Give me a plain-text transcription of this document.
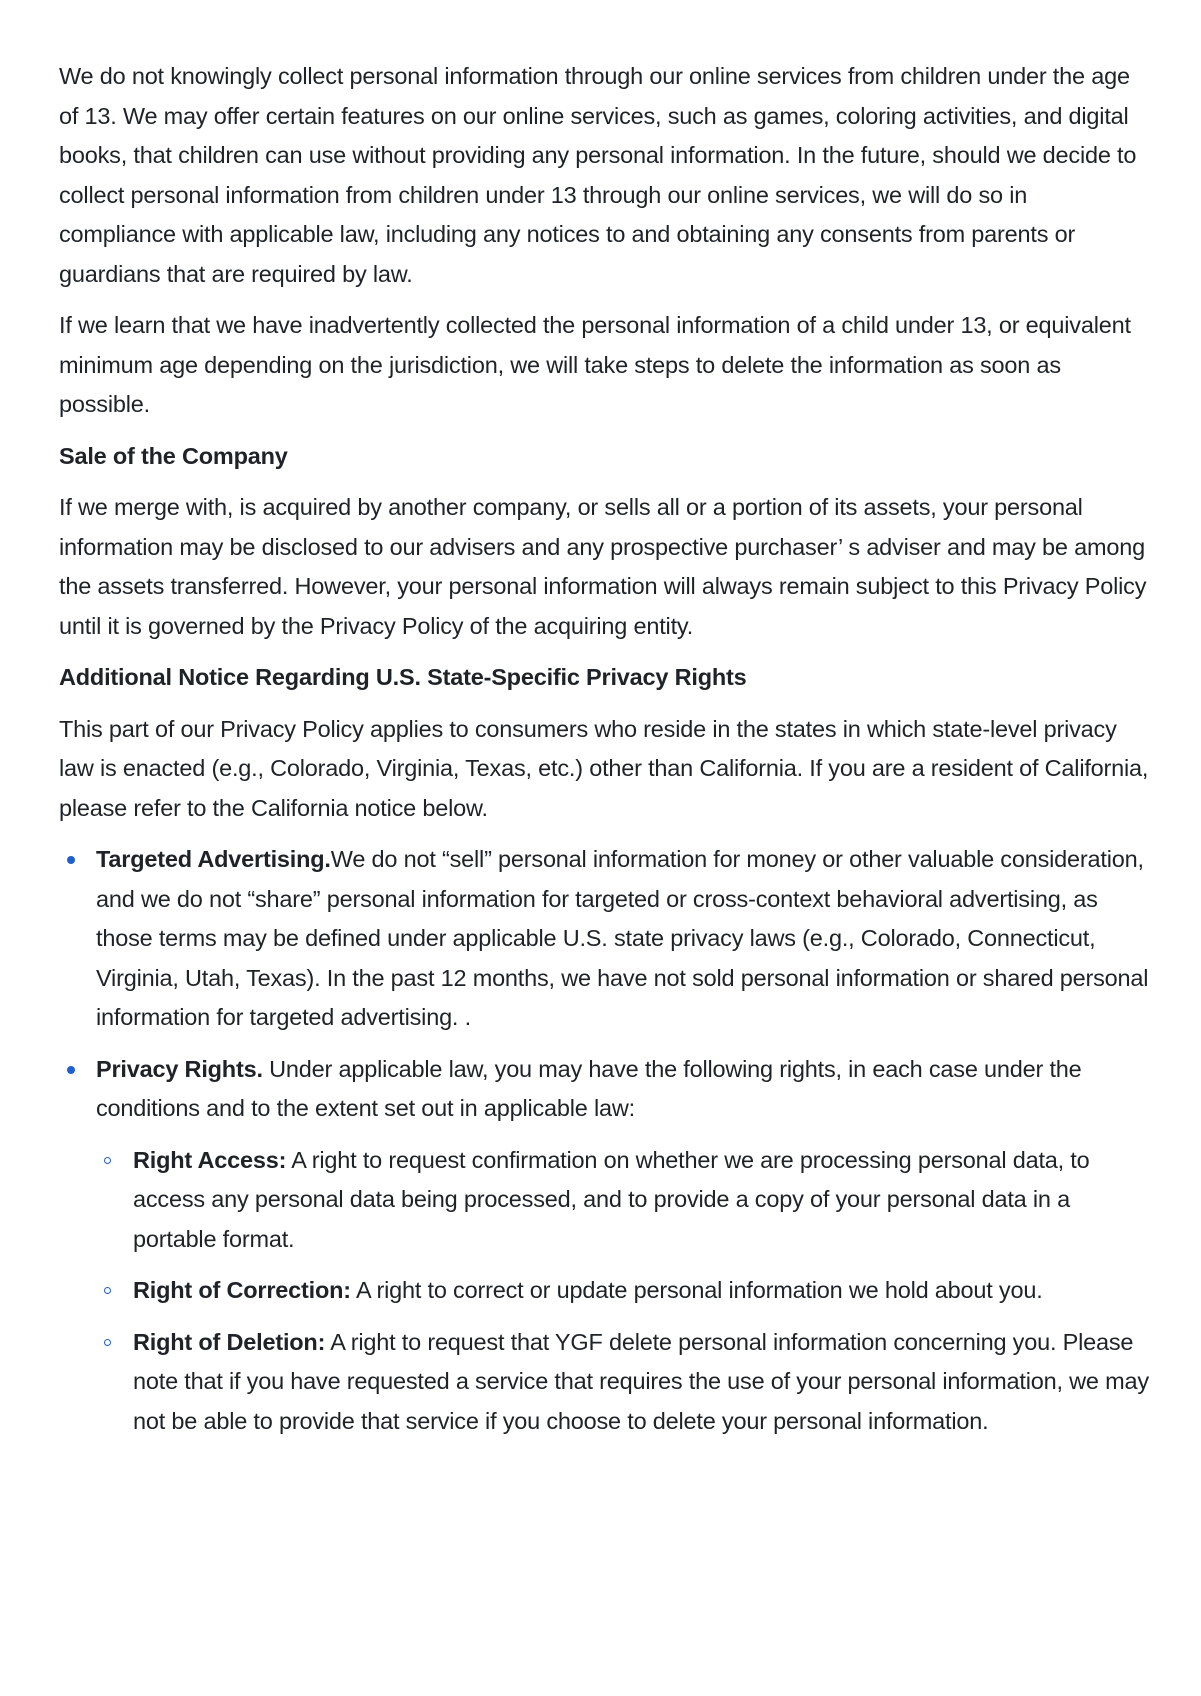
We do not knowingly collect personal information through our online services from children under the age of 13. We may offer certain features on our online services, such as games, coloring activities, and digital books, that children can use without providing any personal information. In the future, should we decide to collect personal information from children under 13 through our online services, we will do so in compliance with applicable law, including any notices to and obtaining any consents from parents or guardians that are required by law.

If we learn that we have inadvertently collected the personal information of a child under 13, or equivalent minimum age depending on the jurisdiction, we will take steps to delete the information as soon as possible.

Sale of the Company

If we merge with, is acquired by another company, or sells all or a portion of its assets, your personal information may be disclosed to our advisers and any prospective purchaser’ s adviser and may be among the assets transferred. However, your personal information will always remain subject to this Privacy Policy until it is governed by the Privacy Policy of the acquiring entity.

Additional Notice Regarding U.S. State-Specific Privacy Rights

This part of our Privacy Policy applies to consumers who reside in the states in which state-level privacy law is enacted (e.g., Colorado, Virginia, Texas, etc.) other than California. If you are a resident of California, please refer to the California notice below.

Targeted Advertising.We do not “sell” personal information for money or other valuable consideration, and we do not “share” personal information for targeted or cross-context behavioral advertising, as those terms may be defined under applicable U.S. state privacy laws (e.g., Colorado, Connecticut, Virginia, Utah, Texas). In the past 12 months, we have not sold personal information or shared personal information for targeted advertising. .
Privacy Rights. Under applicable law, you may have the following rights, in each case under the conditions and to the extent set out in applicable law:
Right Access: A right to request confirmation on whether we are processing personal data, to access any personal data being processed, and to provide a copy of your personal data in a portable format.
Right of Correction: A right to correct or update personal information we hold about you.
Right of Deletion: A right to request that YGF delete personal information concerning you. Please note that if you have requested a service that requires the use of your personal information, we may not be able to provide that service if you choose to delete your personal information.
